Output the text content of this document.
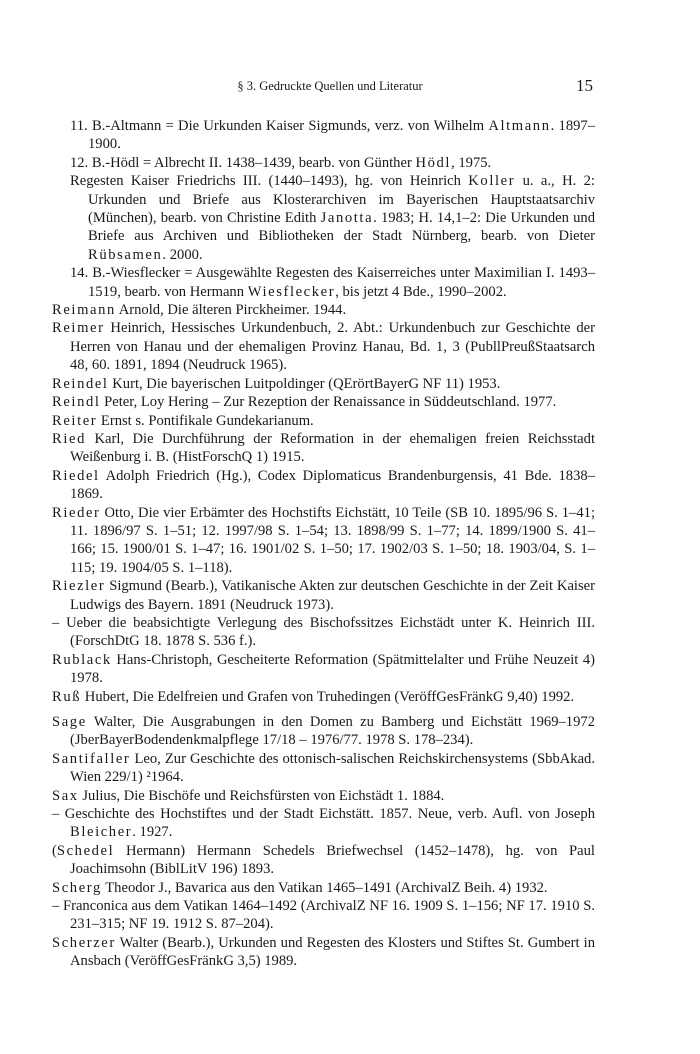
§ 3. Gedruckte Quellen und Literatur	15
11. B.-Altmann = Die Urkunden Kaiser Sigmunds, verz. von Wilhelm Altmann. 1897–1900.
12. B.-Hödl = Albrecht II. 1438–1439, bearb. von Günther Hödl, 1975.
Regesten Kaiser Friedrichs III. (1440–1493), hg. von Heinrich Koller u. a., H. 2: Urkunden und Briefe aus Klosterarchiven im Bayerischen Hauptstaatsarchiv (München), bearb. von Christine Edith Janotta. 1983; H. 14,1–2: Die Urkunden und Briefe aus Archiven und Bibliotheken der Stadt Nürnberg, bearb. von Dieter Rübsamen. 2000.
14. B.-Wiesflecker = Ausgewählte Regesten des Kaiserreiches unter Maximilian I. 1493–1519, bearb. von Hermann Wiesflecker, bis jetzt 4 Bde., 1990–2002.
Reimann Arnold, Die älteren Pirckheimer. 1944.
Reimer Heinrich, Hessisches Urkundenbuch, 2. Abt.: Urkundenbuch zur Geschichte der Herren von Hanau und der ehemaligen Provinz Hanau, Bd. 1, 3 (PubllPreußStaatsarch 48, 60. 1891, 1894 (Neudruck 1965).
Reindel Kurt, Die bayerischen Luitpoldinger (QErörtBayerG NF 11) 1953.
Reindl Peter, Loy Hering – Zur Rezeption der Renaissance in Süddeutschland. 1977.
Reiter Ernst s. Pontifikale Gundekarianum.
Ried Karl, Die Durchführung der Reformation in der ehemaligen freien Reichsstadt Weißenburg i. B. (HistForschQ 1) 1915.
Riedel Adolph Friedrich (Hg.), Codex Diplomaticus Brandenburgensis, 41 Bde. 1838–1869.
Rieder Otto, Die vier Erbämter des Hochstifts Eichstätt, 10 Teile (SB 10. 1895/96 S. 1–41; 11. 1896/97 S. 1–51; 12. 1997/98 S. 1–54; 13. 1898/99 S. 1–77; 14. 1899/1900 S. 41–166; 15. 1900/01 S. 1–47; 16. 1901/02 S. 1–50; 17. 1902/03 S. 1–50; 18. 1903/04, S. 1–115; 19. 1904/05 S. 1–118).
Riezler Sigmund (Bearb.), Vatikanische Akten zur deutschen Geschichte in der Zeit Kaiser Ludwigs des Bayern. 1891 (Neudruck 1973).
– Ueber die beabsichtigte Verlegung des Bischofssitzes Eichstädt unter K. Heinrich III. (ForschDtG 18. 1878 S. 536 f.).
Rublack Hans-Christoph, Gescheiterte Reformation (Spätmittelalter und Frühe Neuzeit 4) 1978.
Ruß Hubert, Die Edelfreien und Grafen von Truhedingen (VeröffGesFränkG 9,40) 1992.
Sage Walter, Die Ausgrabungen in den Domen zu Bamberg und Eichstätt 1969–1972 (JberBayerBodendenkmalpflege 17/18 – 1976/77. 1978 S. 178–234).
Santifaller Leo, Zur Geschichte des ottonisch-salischen Reichskirchensystems (SbbAkad. Wien 229/1) ²1964.
Sax Julius, Die Bischöfe und Reichsfürsten von Eichstädt 1. 1884.
– Geschichte des Hochstiftes und der Stadt Eichstätt. 1857. Neue, verb. Aufl. von Joseph Bleicher. 1927.
(Schedel Hermann) Hermann Schedels Briefwechsel (1452–1478), hg. von Paul Joachimsohn (BiblLitV 196) 1893.
Scherg Theodor J., Bavarica aus den Vatikan 1465–1491 (ArchivalZ Beih. 4) 1932.
– Franconica aus dem Vatikan 1464–1492 (ArchivalZ NF 16. 1909 S. 1–156; NF 17. 1910 S. 231–315; NF 19. 1912 S. 87–204).
Scherzer Walter (Bearb.), Urkunden und Regesten des Klosters und Stiftes St. Gumbert in Ansbach (VeröffGesFränkG 3,5) 1989.
